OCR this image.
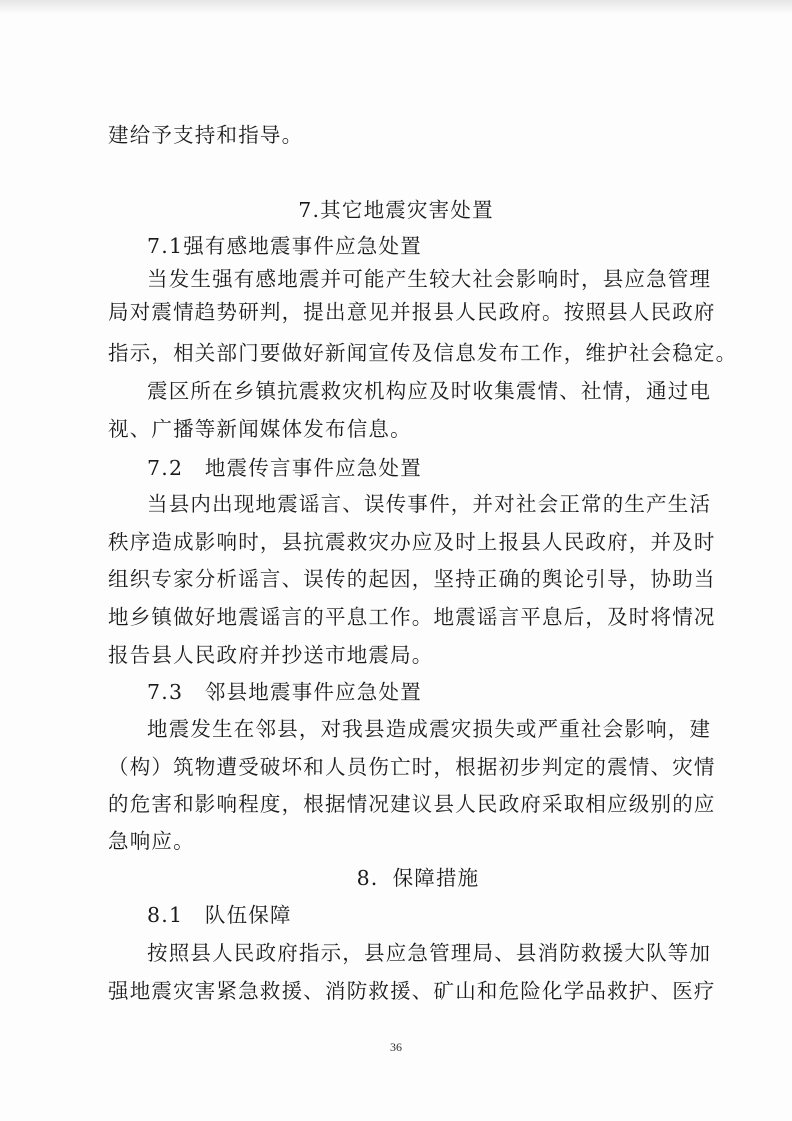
建给予支持和指导。
7.其它地震灾害处置
7.1强有感地震事件应急处置
当发生强有感地震并可能产生较大社会影响时，县应急管理
局对震情趋势研判，提出意见并报县人民政府。按照县人民政府
指示，相关部门要做好新闻宣传及信息发布工作，维护社会稳定。
震区所在乡镇抗震救灾机构应及时收集震情、社情，通过电
视、广播等新闻媒体发布信息。
7.2　地震传言事件应急处置
当县内出现地震谣言、误传事件，并对社会正常的生产生活
秩序造成影响时，县抗震救灾办应及时上报县人民政府，并及时
组织专家分析谣言、误传的起因，坚持正确的舆论引导，协助当
地乡镇做好地震谣言的平息工作。地震谣言平息后，及时将情况
报告县人民政府并抄送市地震局。
7.3　邻县地震事件应急处置
地震发生在邻县，对我县造成震灾损失或严重社会影响，建
（构）筑物遭受破坏和人员伤亡时，根据初步判定的震情、灾情
的危害和影响程度，根据情况建议县人民政府采取相应级别的应
急响应。
8．保障措施
8.1　队伍保障
按照县人民政府指示，县应急管理局、县消防救援大队等加
强地震灾害紧急救援、消防救援、矿山和危险化学品救护、医疗
36
